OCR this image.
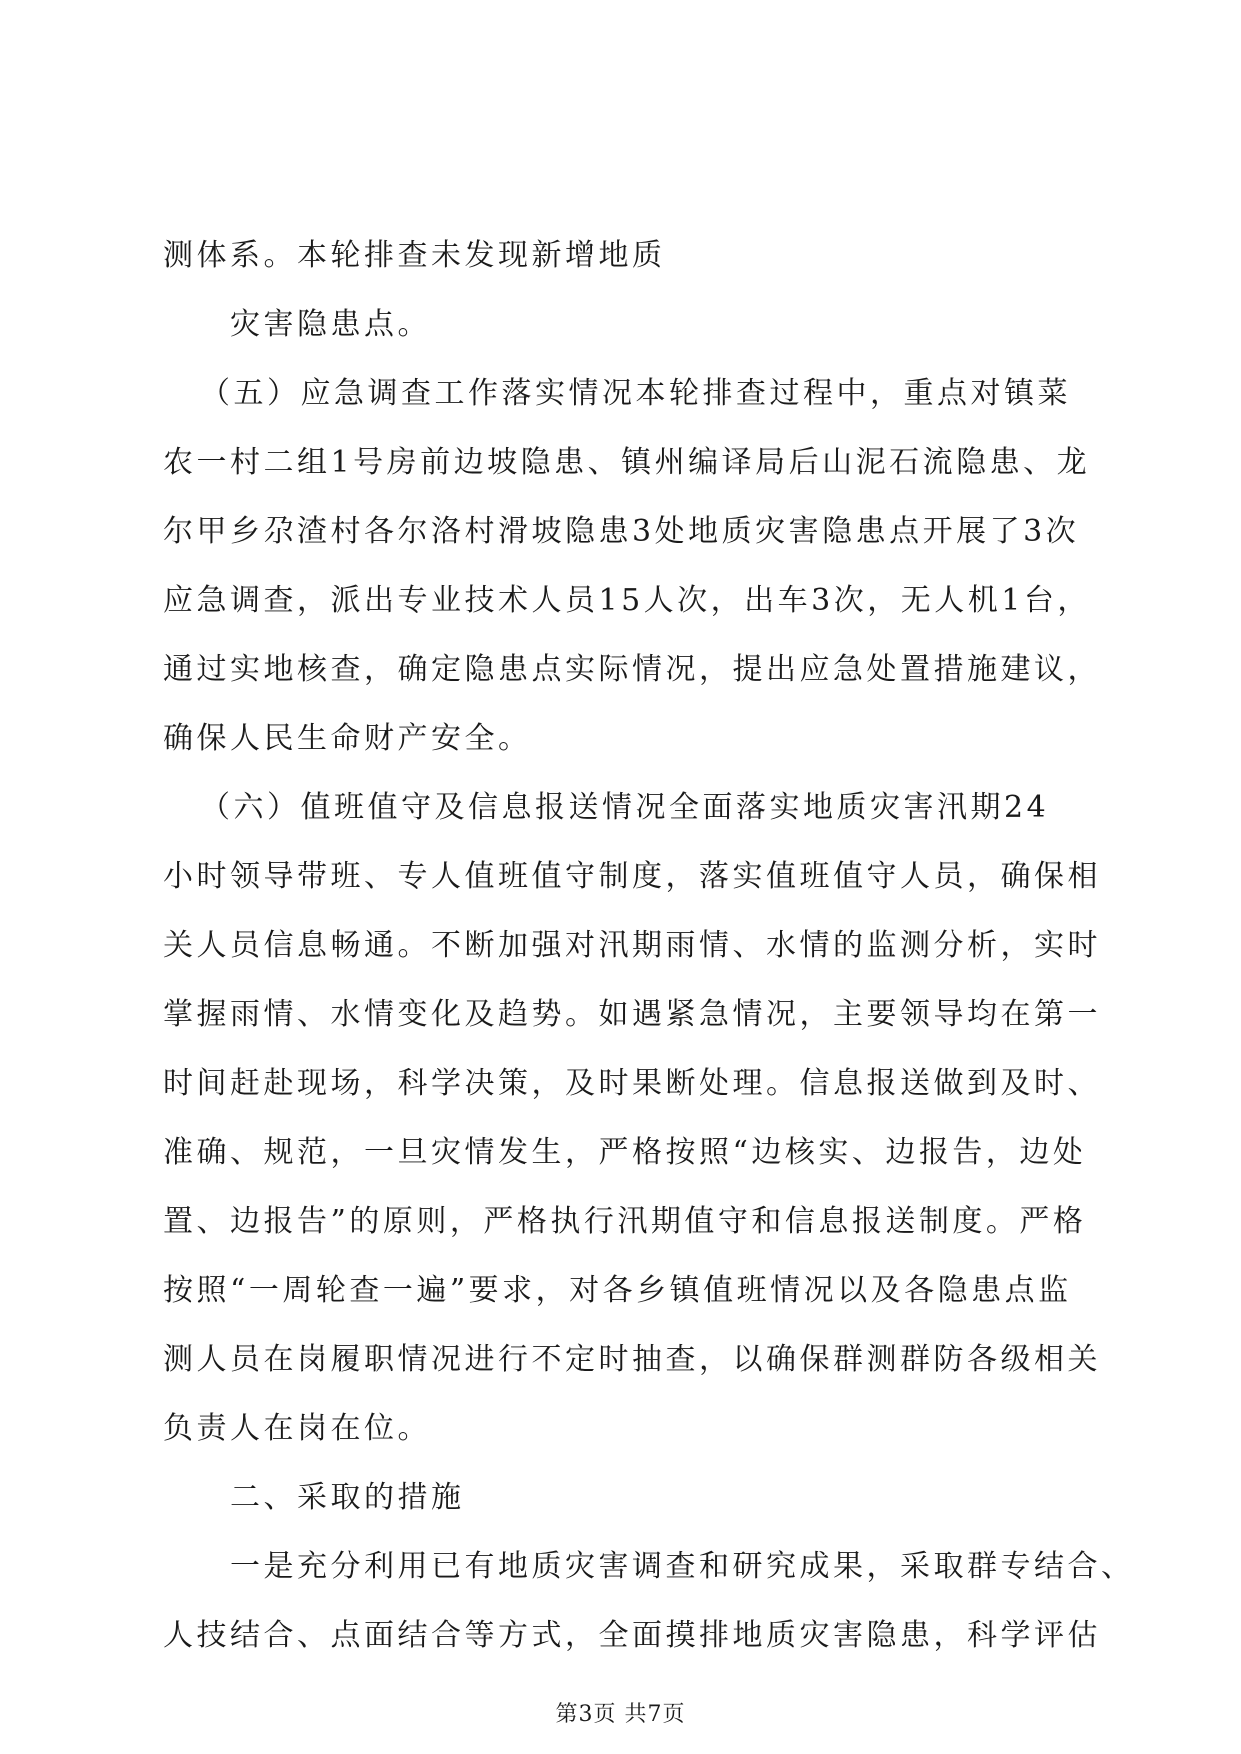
测体系。本轮排查未发现新增地质
灾害隐患点。
（五）应急调查工作落实情况本轮排查过程中，重点对镇菜
农一村二组1号房前边坡隐患、镇州编译局后山泥石流隐患、龙
尔甲乡尕渣村各尔洛村滑坡隐患3处地质灾害隐患点开展了3次
应急调查，派出专业技术人员15人次，出车3次，无人机1台，
通过实地核查，确定隐患点实际情况，提出应急处置措施建议，
确保人民生命财产安全。
（六）值班值守及信息报送情况全面落实地质灾害汛期24
小时领导带班、专人值班值守制度，落实值班值守人员，确保相
关人员信息畅通。不断加强对汛期雨情、水情的监测分析，实时
掌握雨情、水情变化及趋势。如遇紧急情况，主要领导均在第一
时间赶赴现场，科学决策，及时果断处理。信息报送做到及时、
准确、规范，一旦灾情发生，严格按照“边核实、边报告，边处
置、边报告”的原则，严格执行汛期值守和信息报送制度。严格
按照“一周轮查一遍”要求，对各乡镇值班情况以及各隐患点监
测人员在岗履职情况进行不定时抽查，以确保群测群防各级相关
负责人在岗在位。
二、采取的措施
一是充分利用已有地质灾害调查和研究成果，采取群专结合、
人技结合、点面结合等方式，全面摸排地质灾害隐患，科学评估
第3页 共7页
